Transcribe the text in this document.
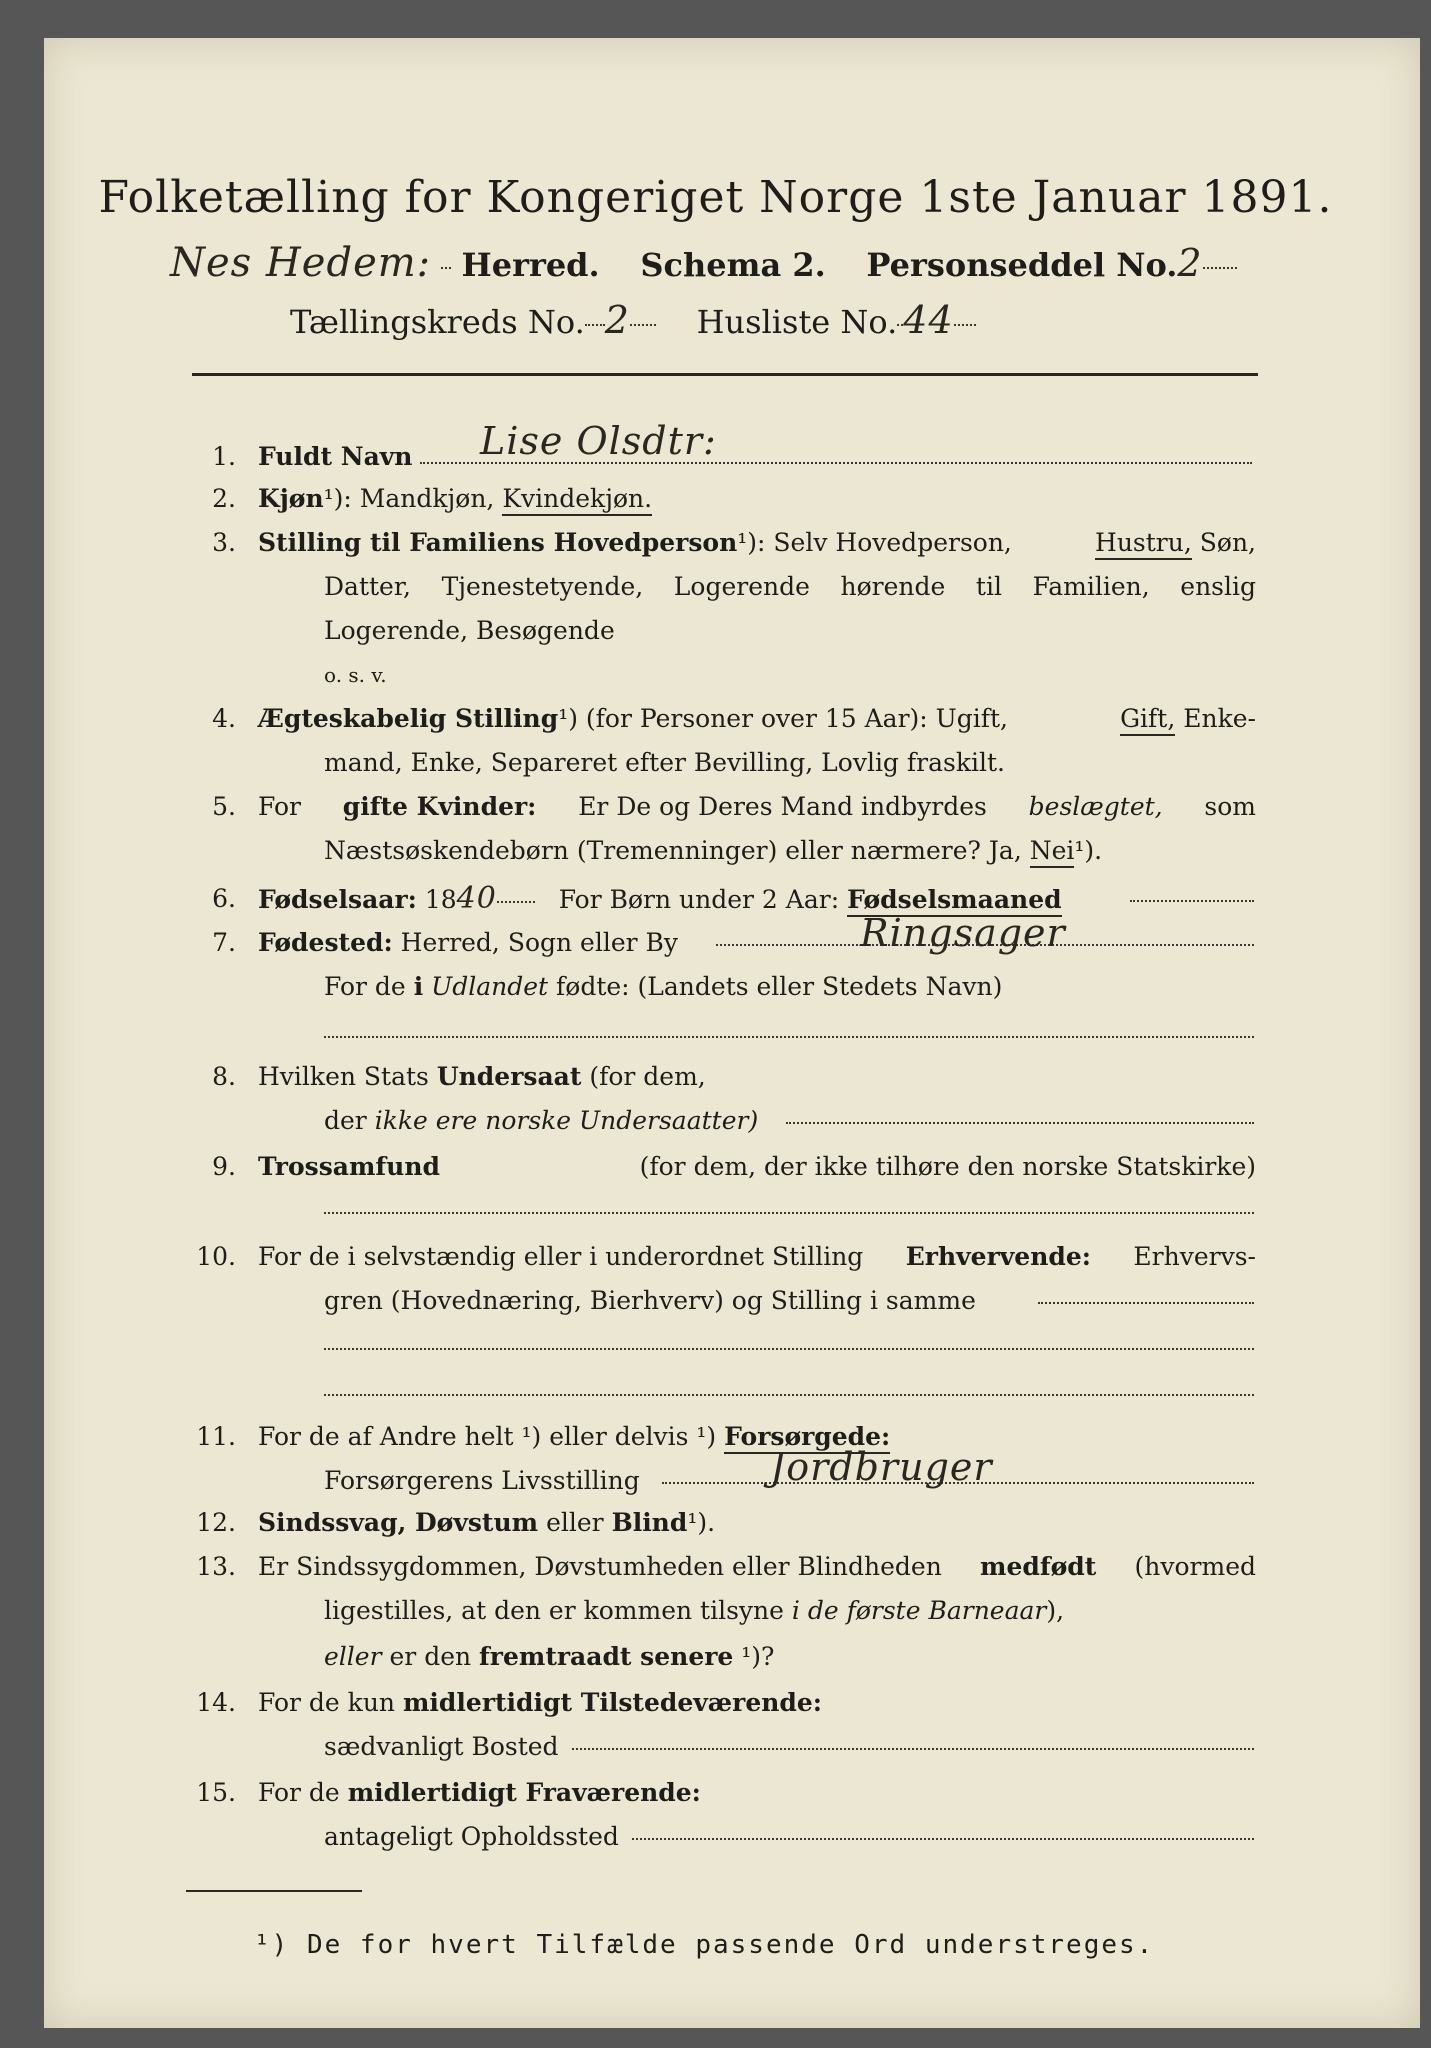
Folketælling for Kongeriget Norge 1ste Januar 1891.
Nes Hedem: Herred. Schema 2. Personseddel No.2
Tællingskreds No. 2 Husliste No. 44
1. Fuldt Navn Lise Olsdtr:
2. Kjøn¹): Mandkjøn, Kvindekjøn.
3. Stilling til Familiens Hovedperson¹): Selv Hovedperson,	Hustru, Søn,
Datter, Tjenestetyende, Logerende hørende til Familien, enslig
Logerende, Besøgende
o. s. v.
4. Ægteskabelig Stilling¹) (for Personer over 15 Aar): Ugift,	Gift, Enke-
mand, Enke, Separeret efter Bevilling, Lovlig fraskilt.
5. For gifte Kvinder: Er De og Deres Mand indbyrdes beslægtet, som
Næstsøskendebørn (Tremenninger) eller nærmere? Ja, Nei¹).
6. Fødselsaar: 1840 For Børn under 2 Aar: Fødselsmaaned
7. Fødested: Herred, Sogn eller By	Ringsager
For de i Udlandet fødte: (Landets eller Stedets Navn)
8. Hvilken Stats Undersaat (for dem,
der ikke ere norske Undersaatter)
9. Trossamfund	(for dem, der ikke tilhøre den norske Statskirke)
10. For de i selvstændig eller i underordnet Stilling Erhvervende: Erhvervs-
gren (Hovednæring, Bierhverv) og Stilling i samme
11. For de af Andre helt ¹) eller delvis ¹) Forsørgede:
Forsørgerens Livsstilling	Jordbruger
12. Sindssvag, Døvstum eller Blind¹).
13. Er Sindssygdommen, Døvstumheden eller Blindheden medfødt (hvormed
ligestilles, at den er kommen tilsyne i de første Barneaar),
eller er den fremtraadt senere ¹)?
14. For de kun midlertidigt Tilstedeværende:
sædvanligt Bosted
15. For de midlertidigt Fraværende:
antageligt Opholdssted
¹) De for hvert Tilfælde passende Ord understreges.
